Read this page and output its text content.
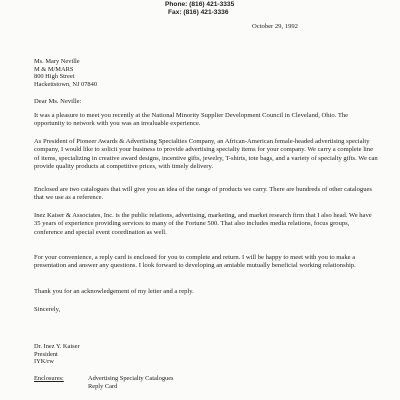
Phone: (816) 421-3335
Fax: (816) 421-3336
October 29, 1992
Ms. Mary Neville
M & M/MARS
800 High Street
Hackettstown, NJ 07840
Dear Ms. Neville:
It was a pleasure to meet you recently at the National Minority Supplier Development Council in Cleveland, Ohio. The opportunity to network with you was an invaluable experience.
As President of Pioneer Awards & Advertising Specialties Company, an African-American female-headed advertising specialty company, I would like to solicit your business to provide advertising specialty items for your company. We carry a complete line of items, specializing in creative award designs, incentive gifts, jewelry, T-shirts, tote bags, and a variety of specialty gifts. We can provide quality products at competitive prices, with timely delivery.
Enclosed are two catalogues that will give you an idea of the range of products we carry. There are hundreds of other catalogues that we use as a reference.
Inez Kaiser & Associates, Inc. is the public relations, advertising, marketing, and market research firm that I also head. We have 35 years of experience providing services to many of the Fortune 500. That also includes media relations, focus groups, conference and special event coordination as well.
For your convenience, a reply card is enclosed for you to complete and return. I will be happy to meet with you to make a presentation and answer any questions. I look forward to developing an amiable mutually beneficial working relationship.
Thank you for an acknowledgement of my letter and a reply.
Sincerely,
Dr. Inez Y. Kaiser
President
IYK/rw
Enclosures:	Advertising Specialty Catalogues
Reply Card
